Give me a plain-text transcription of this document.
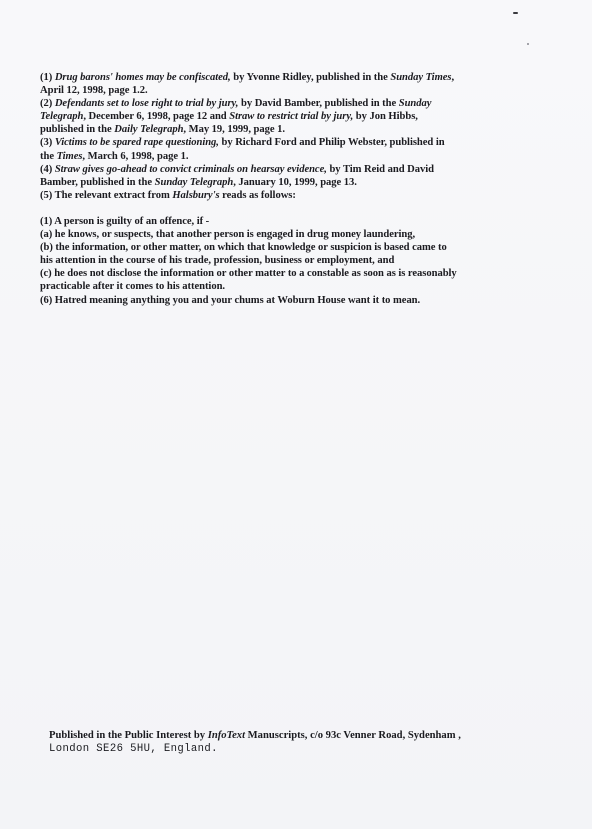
(1) Drug barons' homes may be confiscated, by Yvonne Ridley, published in the Sunday Times,
April 12, 1998, page 1.2.
(2) Defendants set to lose right to trial by jury, by David Bamber, published in the Sunday
Telegraph, December 6, 1998, page 12 and Straw to restrict trial by jury, by Jon Hibbs,
published in the Daily Telegraph, May 19, 1999, page 1.
(3) Victims to be spared rape questioning, by Richard Ford and Philip Webster, published in
the Times, March 6, 1998, page 1.
(4) Straw gives go-ahead to convict criminals on hearsay evidence, by Tim Reid and David
Bamber, published in the Sunday Telegraph, January 10, 1999, page 13.
(5) The relevant extract from Halsbury's reads as follows:
(1) A person is guilty of an offence, if -
(a) he knows, or suspects, that another person is engaged in drug money laundering,
(b) the information, or other matter, on which that knowledge or suspicion is based came to
his attention in the course of his trade, profession, business or employment, and
(c) he does not disclose the information or other matter to a constable as soon as is reasonably
practicable after it comes to his attention.
(6) Hatred meaning anything you and your chums at Woburn House want it to mean.
Published in the Public Interest by InfoText Manuscripts, c/o 93c Venner Road, Sydenham ,
London SE26 5HU, England.
